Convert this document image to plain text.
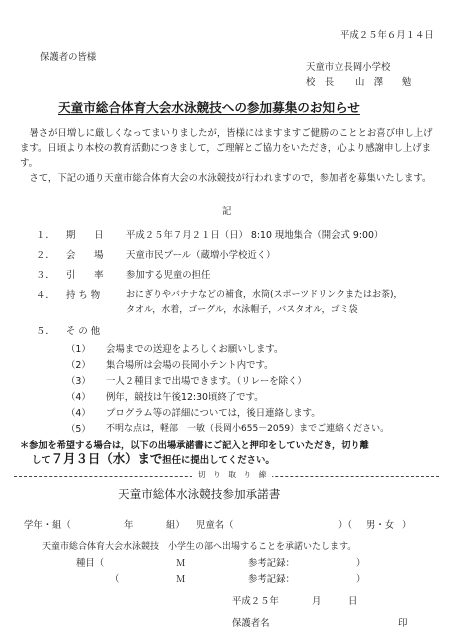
平成２５年６月１４日
保護者の皆様
天童市立長岡小学校
校　長 山　澤　　勉
天童市総合体育大会水泳競技への参加募集のお知らせ
　暑さが日増しに厳しくなってまいりましたが，皆様にはますますご健勝のこととお喜び申し上げます。日頃より本校の教育活動につきまして，ご理解とご協力をいただき，心より感謝申し上げます。
　さて，下記の通り天童市総合体育大会の水泳競技が行われますので，参加者を募集いたします。
記
１． 期　　日 平成２５年７月２１日（日） 8:10 現地集合（開会式 9:00）
２． 会　　場 天童市民プール（蔵増小学校近く）
３． 引　　率 参加する児童の担任
４． 持 ち 物	おにぎりやバナナなどの補食，水筒(スポーツドリンクまたはお茶)，
タオル，水着，ゴーグル，水泳帽子，バスタオル，ゴミ袋
５． そ の 他
（1） 会場までの送迎をよろしくお願いします。
（2） 集合場所は会場の長岡小テント内です。
（3） 一人２種目まで出場できます。（リレーを除く）
（4） 例年，競技は午後12:30頃終了です。
（4） プログラム等の詳細については，後日連絡します。
（5） 不明な点は，軽部　一敏（長岡小655－2059）までご連絡ください。
＊参加を希望する場合は，以下の出場承諾書にご記入と押印をしていただき，切り離
して７月３日（水）まで担任に提出してください。
切　り　取　り　線
天童市総体水泳競技参加承諾書
学年・組（	年	組） 児童名（	）（ 男・女 ）
天童市総合体育大会水泳競技　小学生の部へ出場することを承諾いたします。
種目（	Ｍ	参考記録：	）
（	Ｍ	参考記録：	）
平成２５年	月	日
保護者名	印
